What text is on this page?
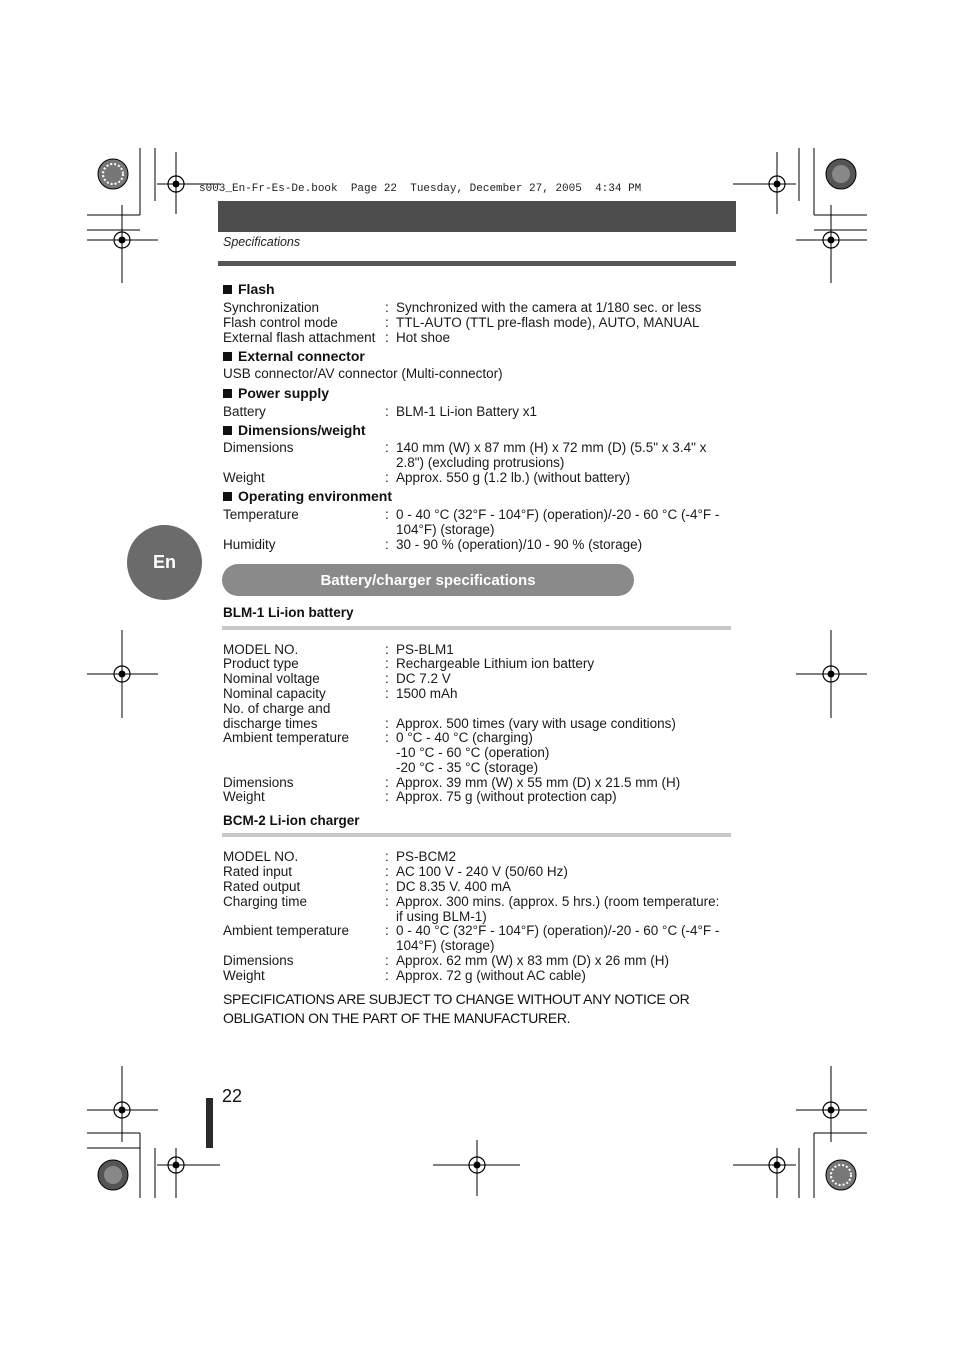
s003_En-Fr-Es-De.book  Page 22  Tuesday, December 27, 2005  4:34 PM
Specifications
Flash
Synchronization	: Synchronized with the camera at 1/180 sec. or less
Flash control mode	: TTL-AUTO (TTL pre-flash mode), AUTO, MANUAL
External flash attachment : Hot shoe
External connector
USB connector/AV connector (Multi-connector)
Power supply
Battery	: BLM-1 Li-ion Battery x1
Dimensions/weight
Dimensions	: 140 mm (W) x 87 mm (H) x 72 mm (D) (5.5" x 3.4" x
2.8") (excluding protrusions)
Weight	: Approx. 550 g (1.2 lb.) (without battery)
Operating environment
Temperature	: 0 - 40 °C (32°F - 104°F) (operation)/-20 - 60 °C (-4°F -
104°F) (storage)
Humidity	: 30 - 90 % (operation)/10 - 90 % (storage)
En
Battery/charger specifications
BLM-1 Li-ion battery
MODEL NO.	: PS-BLM1
Product type	: Rechargeable Lithium ion battery
Nominal voltage	: DC 7.2 V
Nominal capacity	: 1500 mAh
No. of charge and
discharge times	: Approx. 500 times (vary with usage conditions)
Ambient temperature	: 0 °C - 40 °C (charging)
-10 °C - 60 °C (operation)
-20 °C - 35 °C (storage)
Dimensions	: Approx. 39 mm (W) x 55 mm (D) x 21.5 mm (H)
Weight	: Approx. 75 g (without protection cap)
BCM-2 Li-ion charger
MODEL NO.	: PS-BCM2
Rated input	: AC 100 V - 240 V (50/60 Hz)
Rated output	: DC 8.35 V. 400 mA
Charging time	: Approx. 300 mins. (approx. 5 hrs.) (room temperature:
if using BLM-1)
Ambient temperature	: 0 - 40 °C (32°F - 104°F) (operation)/-20 - 60 °C (-4°F -
104°F) (storage)
Dimensions	: Approx. 62 mm (W) x 83 mm (D) x 26 mm (H)
Weight	: Approx. 72 g (without AC cable)
SPECIFICATIONS ARE SUBJECT TO CHANGE WITHOUT ANY NOTICE OR
OBLIGATION ON THE PART OF THE MANUFACTURER.
22
